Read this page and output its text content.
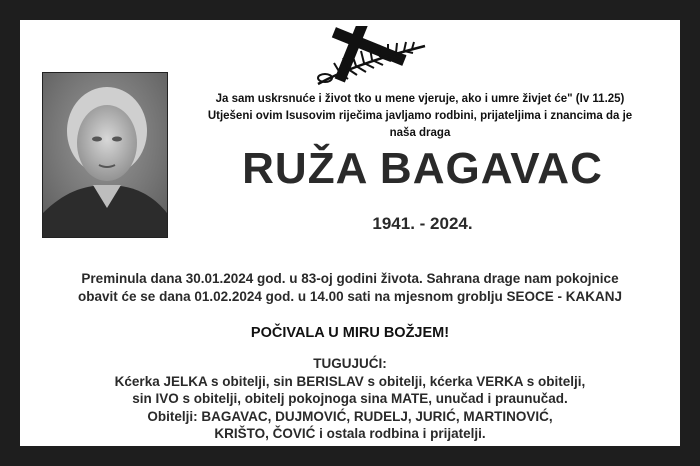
Ja sam uskrsnuće i život tko u mene vjeruje, ako i umre živjet će" (Iv 11.25)
Utješeni ovim Isusovim riječima javljamo rodbini, prijateljima i znancima da je naša draga
RUŽA BAGAVAC
1941. - 2024.
Preminula dana 30.01.2024 god. u 83-oj godini života. Sahrana drage nam pokojnice
obavit će se dana 01.02.2024 god. u 14.00 sati na mjesnom groblju SEOCE - KAKANJ
POČIVALA U MIRU BOŽJEM!
TUGUJUĆI:
Kćerka JELKA s obitelji, sin BERISLAV s obitelji, kćerka VERKA s obitelji,
sin IVO s obitelji, obitelj pokojnoga sina MATE, unučad i praunučad.
Obitelji: BAGAVAC, DUJMOVIĆ, RUDELJ, JURIĆ, MARTINOVIĆ,
KRIŠTO, ČOVIĆ i ostala rodbina i prijatelji.
